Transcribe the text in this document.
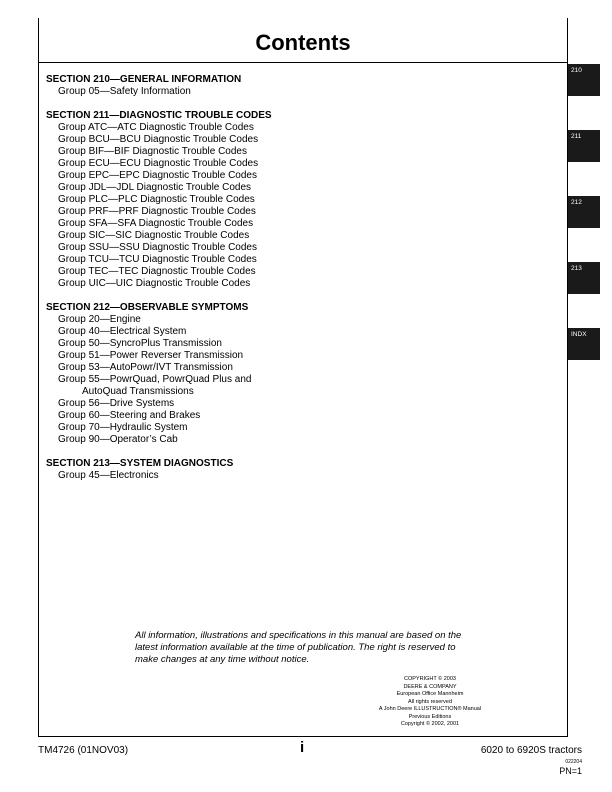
Contents
SECTION 210—GENERAL INFORMATION
Group 05—Safety Information
SECTION 211—DIAGNOSTIC TROUBLE CODES
Group ATC—ATC Diagnostic Trouble Codes
Group BCU—BCU Diagnostic Trouble Codes
Group BIF—BIF Diagnostic Trouble Codes
Group ECU—ECU Diagnostic Trouble Codes
Group EPC—EPC Diagnostic Trouble Codes
Group JDL—JDL Diagnostic Trouble Codes
Group PLC—PLC Diagnostic Trouble Codes
Group PRF—PRF Diagnostic Trouble Codes
Group SFA—SFA Diagnostic Trouble Codes
Group SIC—SIC Diagnostic Trouble Codes
Group SSU—SSU Diagnostic Trouble Codes
Group TCU—TCU Diagnostic Trouble Codes
Group TEC—TEC Diagnostic Trouble Codes
Group UIC—UIC Diagnostic Trouble Codes
SECTION 212—OBSERVABLE SYMPTOMS
Group 20—Engine
Group 40—Electrical System
Group 50—SyncroPlus Transmission
Group 51—Power Reverser Transmission
Group 53—AutoPowr/IVT Transmission
Group 55—PowrQuad, PowrQuad Plus and
AutoQuad Transmissions
Group 56—Drive Systems
Group 60—Steering and Brakes
Group 70—Hydraulic System
Group 90—Operator’s Cab
SECTION 213—SYSTEM DIAGNOSTICS
Group 45—Electronics
210
211
212
213
INDX
All information, illustrations and specifications in this manual are based on the latest information available at the time of publication. The right is reserved to make changes at any time without notice.
COPYRIGHT © 2003
DEERE & COMPANY
European Office Mannheim
All rights reserved
A John Deere ILLUSTRUCTION® Manual
Previous Editions
Copyright © 2002, 2001
TM4726 (01NOV03)	i	6020 to 6920S tractors
022204
PN=1
